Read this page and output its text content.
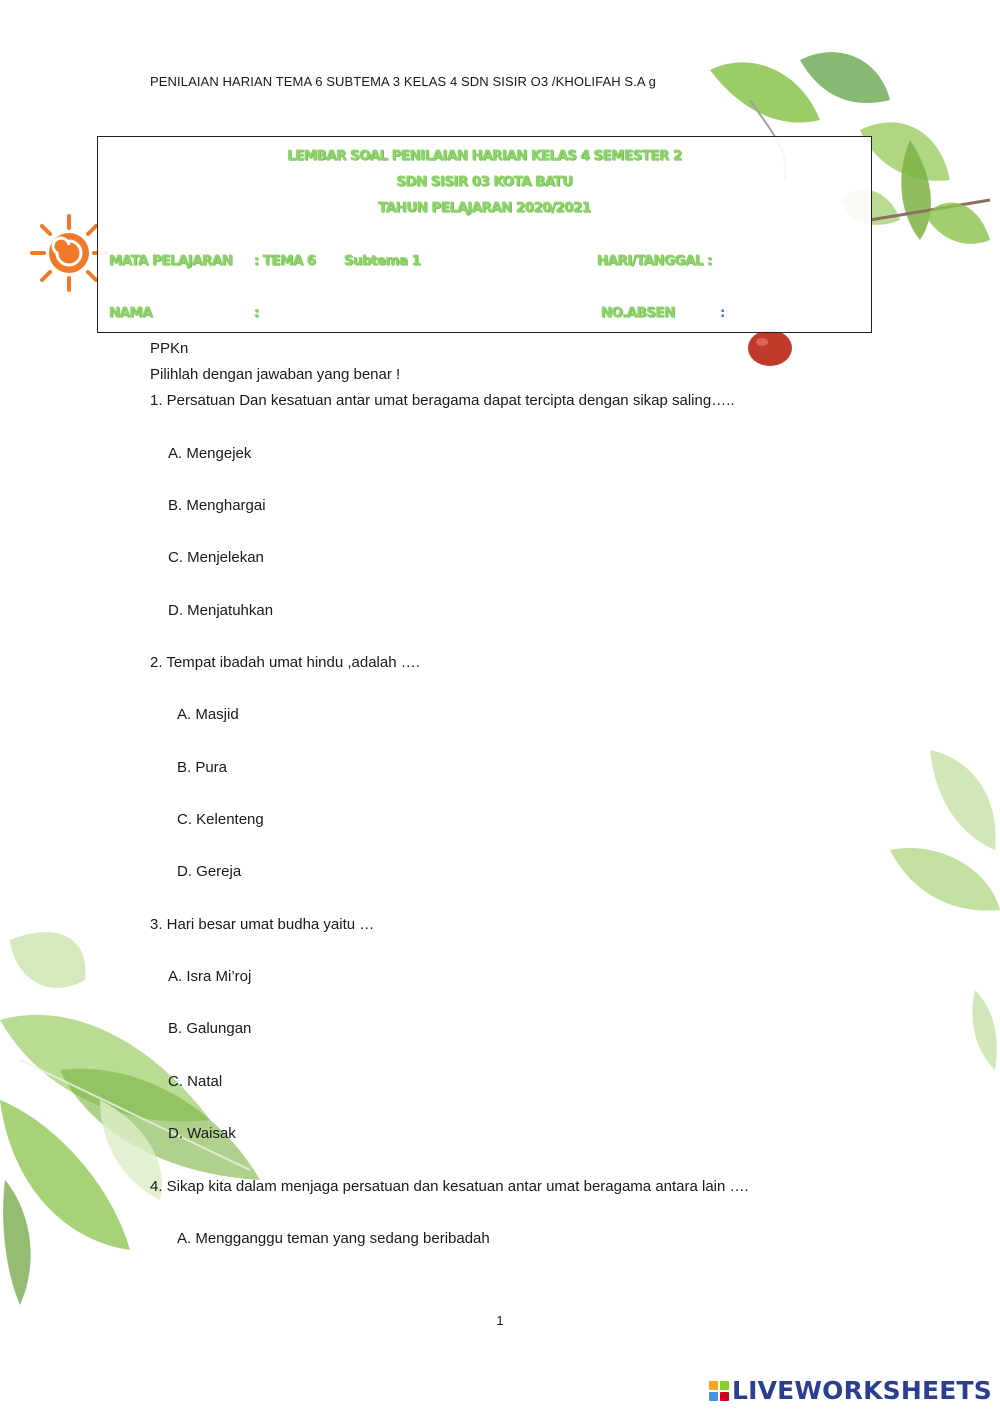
PENILAIAN HARIAN TEMA 6 SUBTEMA 3 KELAS 4 SDN SISIR O3 /KHOLIFAH S.A g
LEMBAR SOAL PENILAIAN HARIAN KELAS 4 SEMESTER 2
SDN SISIR 03 KOTA BATU
TAHUN PELAJARAN 2020/2021
MATA PELAJARAN : TEMA 6 Subtema 1	HARI/TANGGAL :
NAMA	:	NO.ABSEN	:
PPKn
Pilihlah dengan jawaban yang benar !
1. Persatuan Dan kesatuan antar umat beragama dapat tercipta dengan sikap saling…..
A. Mengejek
B. Menghargai
C. Menjelekan
D. Menjatuhkan
2. Tempat ibadah umat hindu ,adalah ….
A. Masjid
B. Pura
C. Kelenteng
D. Gereja
3. Hari besar umat budha yaitu …
A. Isra Mi’roj
B. Galungan
C. Natal
D. Waisak
4. Sikap kita dalam menjaga persatuan dan kesatuan antar umat beragama antara lain ….
A. Mengganggu teman yang sedang beribadah
1
LIVEWORKSHEETS
